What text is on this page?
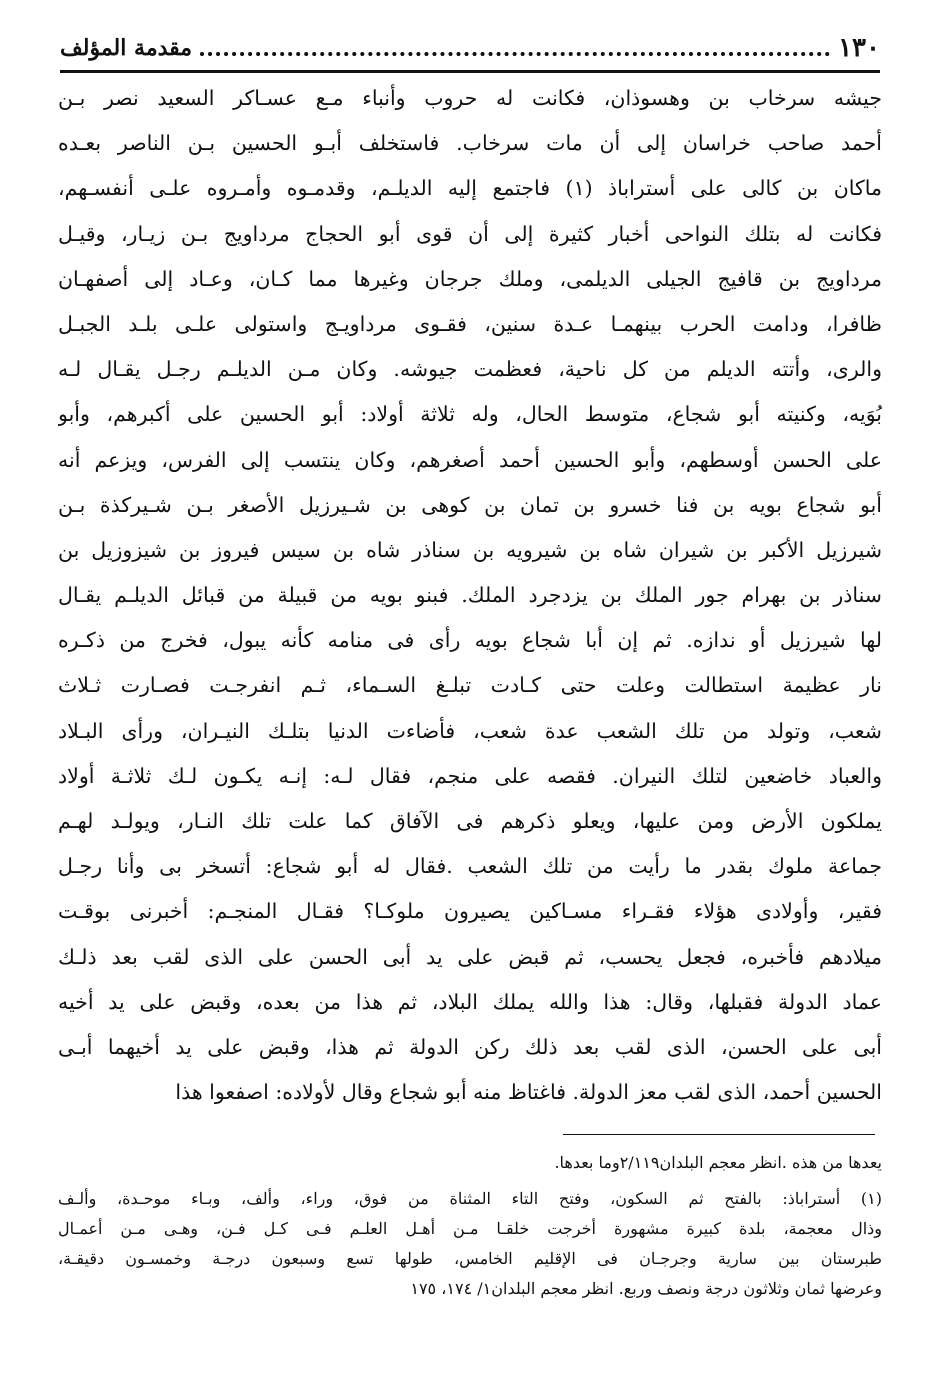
١٣٠
مقدمة المؤلف
جيشه سرخاب بن وهسوذان، فكانت له حروب وأنباء مـع عسـاكر السعيد نصر بـن
أحمد صاحب خراسان إلى أن مات سرخاب. فاستخلف أبـو الحسين بـن الناصر بعـده
ماكان بن كالى على أستراباذ (١) فاجتمع إليه الديلـم، وقدمـوه وأمـروه علـى أنفسـهم،
فكانت له بتلك النواحى أخبار كثيرة إلى أن قوى أبو الحجاج مرداويج بـن زيـار، وقيـل
مرداويج بن قافيج الجيلى الديلمى، وملك جرجان وغيرها مما كـان، وعـاد إلى أصفهـان
ظافرا، ودامت الحرب بينهمـا عـدة سنين، فقـوى مرداويـج واستولى علـى بلـد الجبـل
والرى، وأتته الديلم من كل ناحية، فعظمت جيوشه. وكان مـن الديلـم رجـل يقـال لـه
بُوَيه، وكنيته أبو شجاع، متوسط الحال، وله ثلاثة أولاد: أبو الحسين على أكبرهم، وأبو
على الحسن أوسطهم، وأبو الحسين أحمد أصغرهم، وكان ينتسب إلى الفرس، ويزعم أنه
أبو شجاع بويه بن فنا خسرو بن تمان بن كوهى بن شـيرزيل الأصغر بـن شـيركذة بـن
شيرزيل الأكبر بن شيران شاه بن شيرويه بن سناذر شاه بن سيس فيروز بن شيزوزيل بن
سناذر بن بهرام جور الملك بن يزدجرد الملك. فبنو بويه من قبيلة من قبائل الديلـم يقـال
لها شيرزيل أو ندازه. ثم إن أبا شجاع بويه رأى فى منامه كأنه يبول، فخرج من ذكـره
نار عظيمة استطالت وعلت حتى كـادت تبلـغ السـماء، ثـم انفرجـت فصـارت ثـلاث
شعب، وتولد من تلك الشعب عدة شعب، فأضاءت الدنيا بتلـك النيـران، ورأى البـلاد
والعباد خاضعين لتلك النيران. فقصه على منجم، فقال لـه: إنـه يكـون لـك ثلاثـة أولاد
يملكون الأرض ومن عليها، ويعلو ذكرهم فى الآفاق كما علت تلك النـار، ويولـد لهـم
جماعة ملوك بقدر ما رأيت من تلك الشعب .فقال له أبو شجاع: أتسخر بى وأنا رجـل
فقير، وأولادى هؤلاء فقـراء مسـاكين يصيرون ملوكـا؟ فقـال المنجـم: أخبرنى بوقـت
ميلادهم فأخبره، فجعل يحسب، ثم قبض على يد أبى الحسن على الذى لقب بعد ذلـك
عماد الدولة فقبلها، وقال: هذا والله يملك البلاد، ثم هذا من بعده، وقبض على يد أخيه
أبى على الحسن، الذى لقب بعد ذلك ركن الدولة ثم هذا، وقبض على يد أخيهما أبـى
الحسين أحمد، الذى لقب معز الدولة. فاغتاظ منه أبو شجاع وقال لأولاده: اصفعوا هذا
يعدها من هذه .انظر معجم البلدان٢/١١٩وما بعدها.
(١) أستراباذ: بالفتح ثم السكون، وفتح التاء المثناة من فوق، وراء، وألف، وبـاء موحـدة، وألـف
وذال معجمة، بلدة كبيرة مشهورة أخرجت خلقـا مـن أهـل العلـم فـى كـل فـن، وهـى مـن أعمـال
طبرستان بين سارية وجرجـان فى الإقليم الخامس، طولها تسع وسبعون درجـة وخمسـون دقيقـة،
وعرضها ثمان وثلاثون درجة ونصف وربع. انظر معجم البلدان١/ ١٧٤، ١٧٥
